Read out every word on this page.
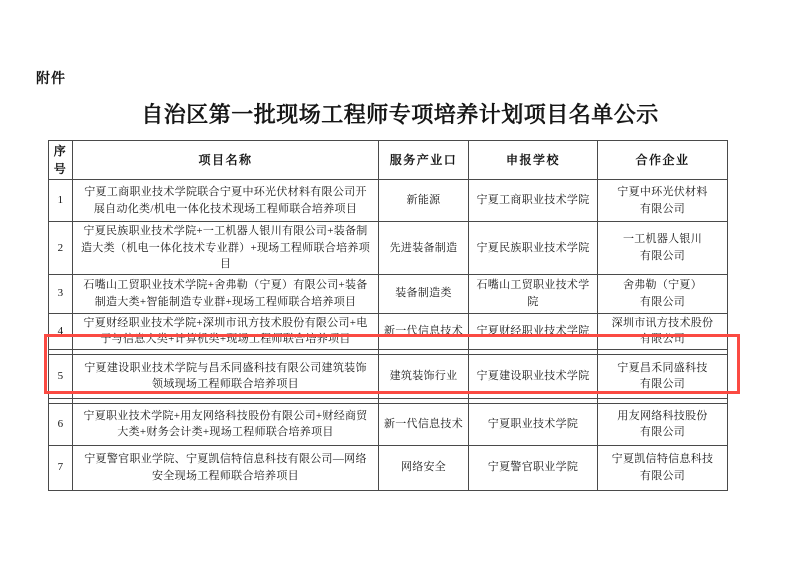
附件
自治区第一批现场工程师专项培养计划项目名单公示
序号	项目名称	服务产业口	申报学校	合作企业
1	宁夏工商职业技术学院联合宁夏中环光伏材料有限公司开展自动化类/机电一体化技术现场工程师联合培养项目	新能源	宁夏工商职业技术学院	宁夏中环光伏材料
有限公司

2	宁夏民族职业技术学院+一工机器人银川有限公司+装备制造大类（机电一体化技术专业群）+现场工程师联合培养项目	先进装备制造	宁夏民族职业技术学院	一工机器人银川
有限公司

3	石嘴山工贸职业技术学院+舍弗勒（宁夏）有限公司+装备制造大类+智能制造专业群+现场工程师联合培养项目	装备制造类	石嘴山工贸职业技术学院	舍弗勒（宁夏）
有限公司

4	宁夏财经职业技术学院+深圳市讯方技术股份有限公司+电子与信息大类+计算机类+现场工程师联合培养项目	新一代信息技术	宁夏财经职业技术学院	深圳市讯方技术股份
有限公司

5	宁夏建设职业技术学院与昌禾同盛科技有限公司建筑装饰领域现场工程师联合培养项目	建筑装饰行业	宁夏建设职业技术学院	宁夏昌禾同盛科技
有限公司

6	宁夏职业技术学院+用友网络科技股份有限公司+财经商贸大类+财务会计类+现场工程师联合培养项目	新一代信息技术	宁夏职业技术学院	用友网络科技股份
有限公司

7	宁夏警官职业学院、宁夏凯信特信息科技有限公司—网络安全现场工程师联合培养项目	网络安全	宁夏警官职业学院	宁夏凯信特信息科技
有限公司
